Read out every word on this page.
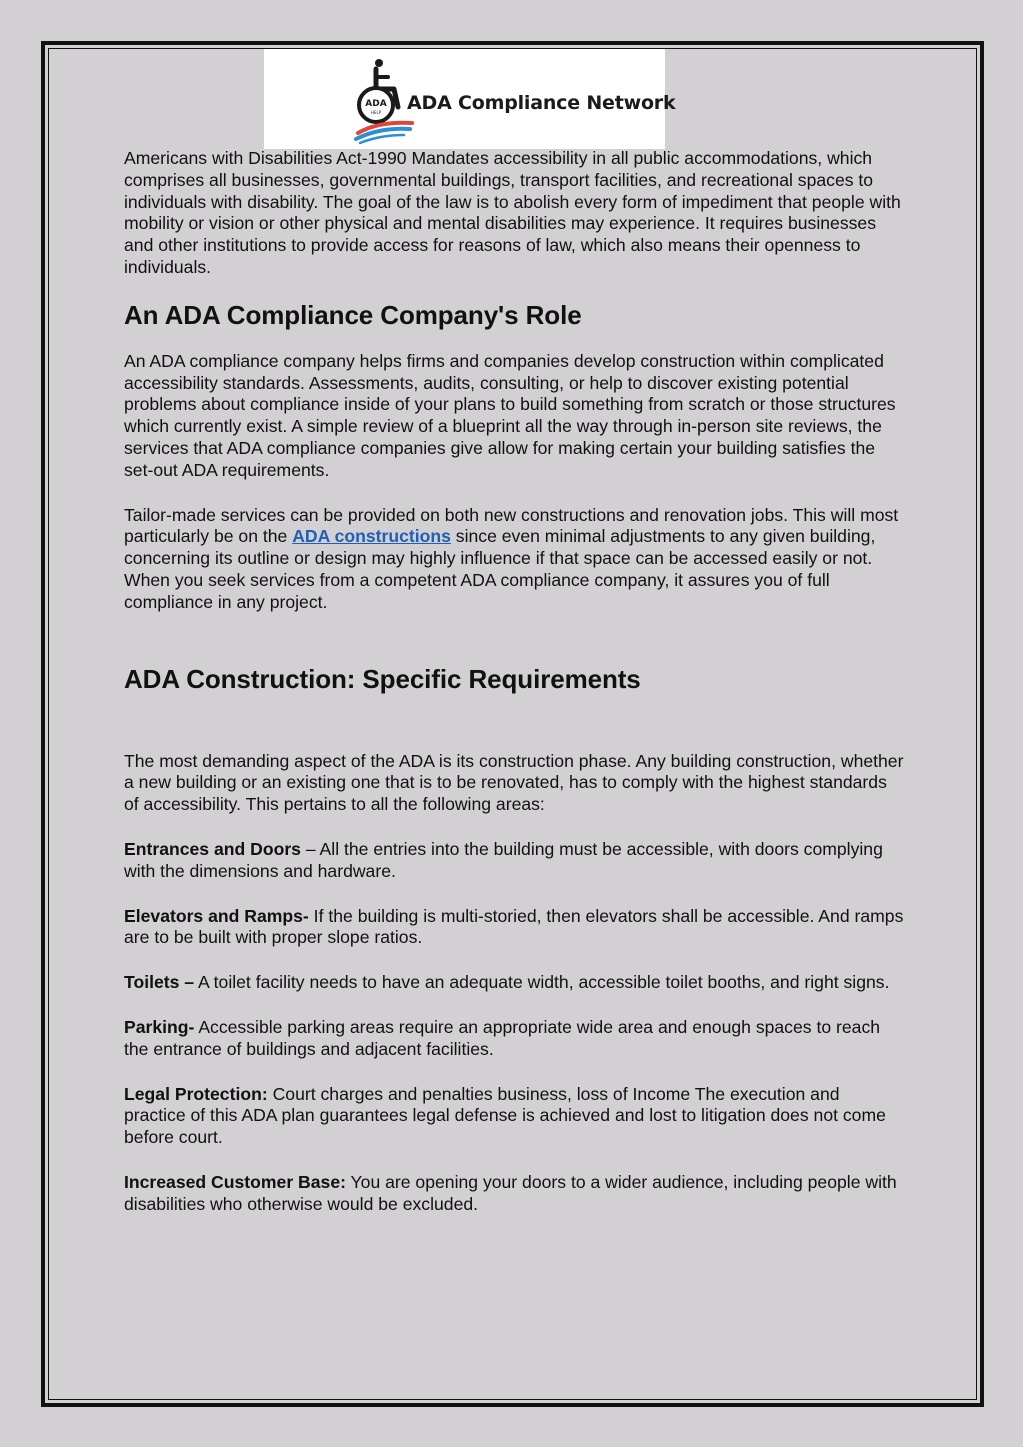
ADA
HELP ADA Compliance Network

Americans with Disabilities Act-1990 Mandates accessibility in all public accommodations, which comprises all businesses, governmental buildings, transport facilities, and recreational spaces to individuals with disability. The goal of the law is to abolish every form of impediment that people with mobility or vision or other physical and mental disabilities may experience. It requires businesses and other institutions to provide access for reasons of law, which also means their openness to individuals.

An ADA Compliance Company's Role

An ADA compliance company helps firms and companies develop construction within complicated accessibility standards. Assessments, audits, consulting, or help to discover existing potential problems about compliance inside of your plans to build something from scratch or those structures which currently exist. A simple review of a blueprint all the way through in-person site reviews, the services that ADA compliance companies give allow for making certain your building satisfies the set-out ADA requirements.

Tailor-made services can be provided on both new constructions and renovation jobs. This will most particularly be on the ADA constructions since even minimal adjustments to any given building, concerning its outline or design may highly influence if that space can be accessed easily or not. When you seek services from a competent ADA compliance company, it assures you of full compliance in any project.

ADA Construction: Specific Requirements

The most demanding aspect of the ADA is its construction phase. Any building construction, whether a new building or an existing one that is to be renovated, has to comply with the highest standards of accessibility. This pertains to all the following areas:

Entrances and Doors – All the entries into the building must be accessible, with doors complying with the dimensions and hardware.

Elevators and Ramps- If the building is multi-storied, then elevators shall be accessible. And ramps are to be built with proper slope ratios.

Toilets – A toilet facility needs to have an adequate width, accessible toilet booths, and right signs.

Parking- Accessible parking areas require an appropriate wide area and enough spaces to reach the entrance of buildings and adjacent facilities.

Legal Protection: Court charges and penalties business, loss of Income The execution and practice of this ADA plan guarantees legal defense is achieved and lost to litigation does not come before court.

Increased Customer Base: You are opening your doors to a wider audience, including people with disabilities who otherwise would be excluded.
